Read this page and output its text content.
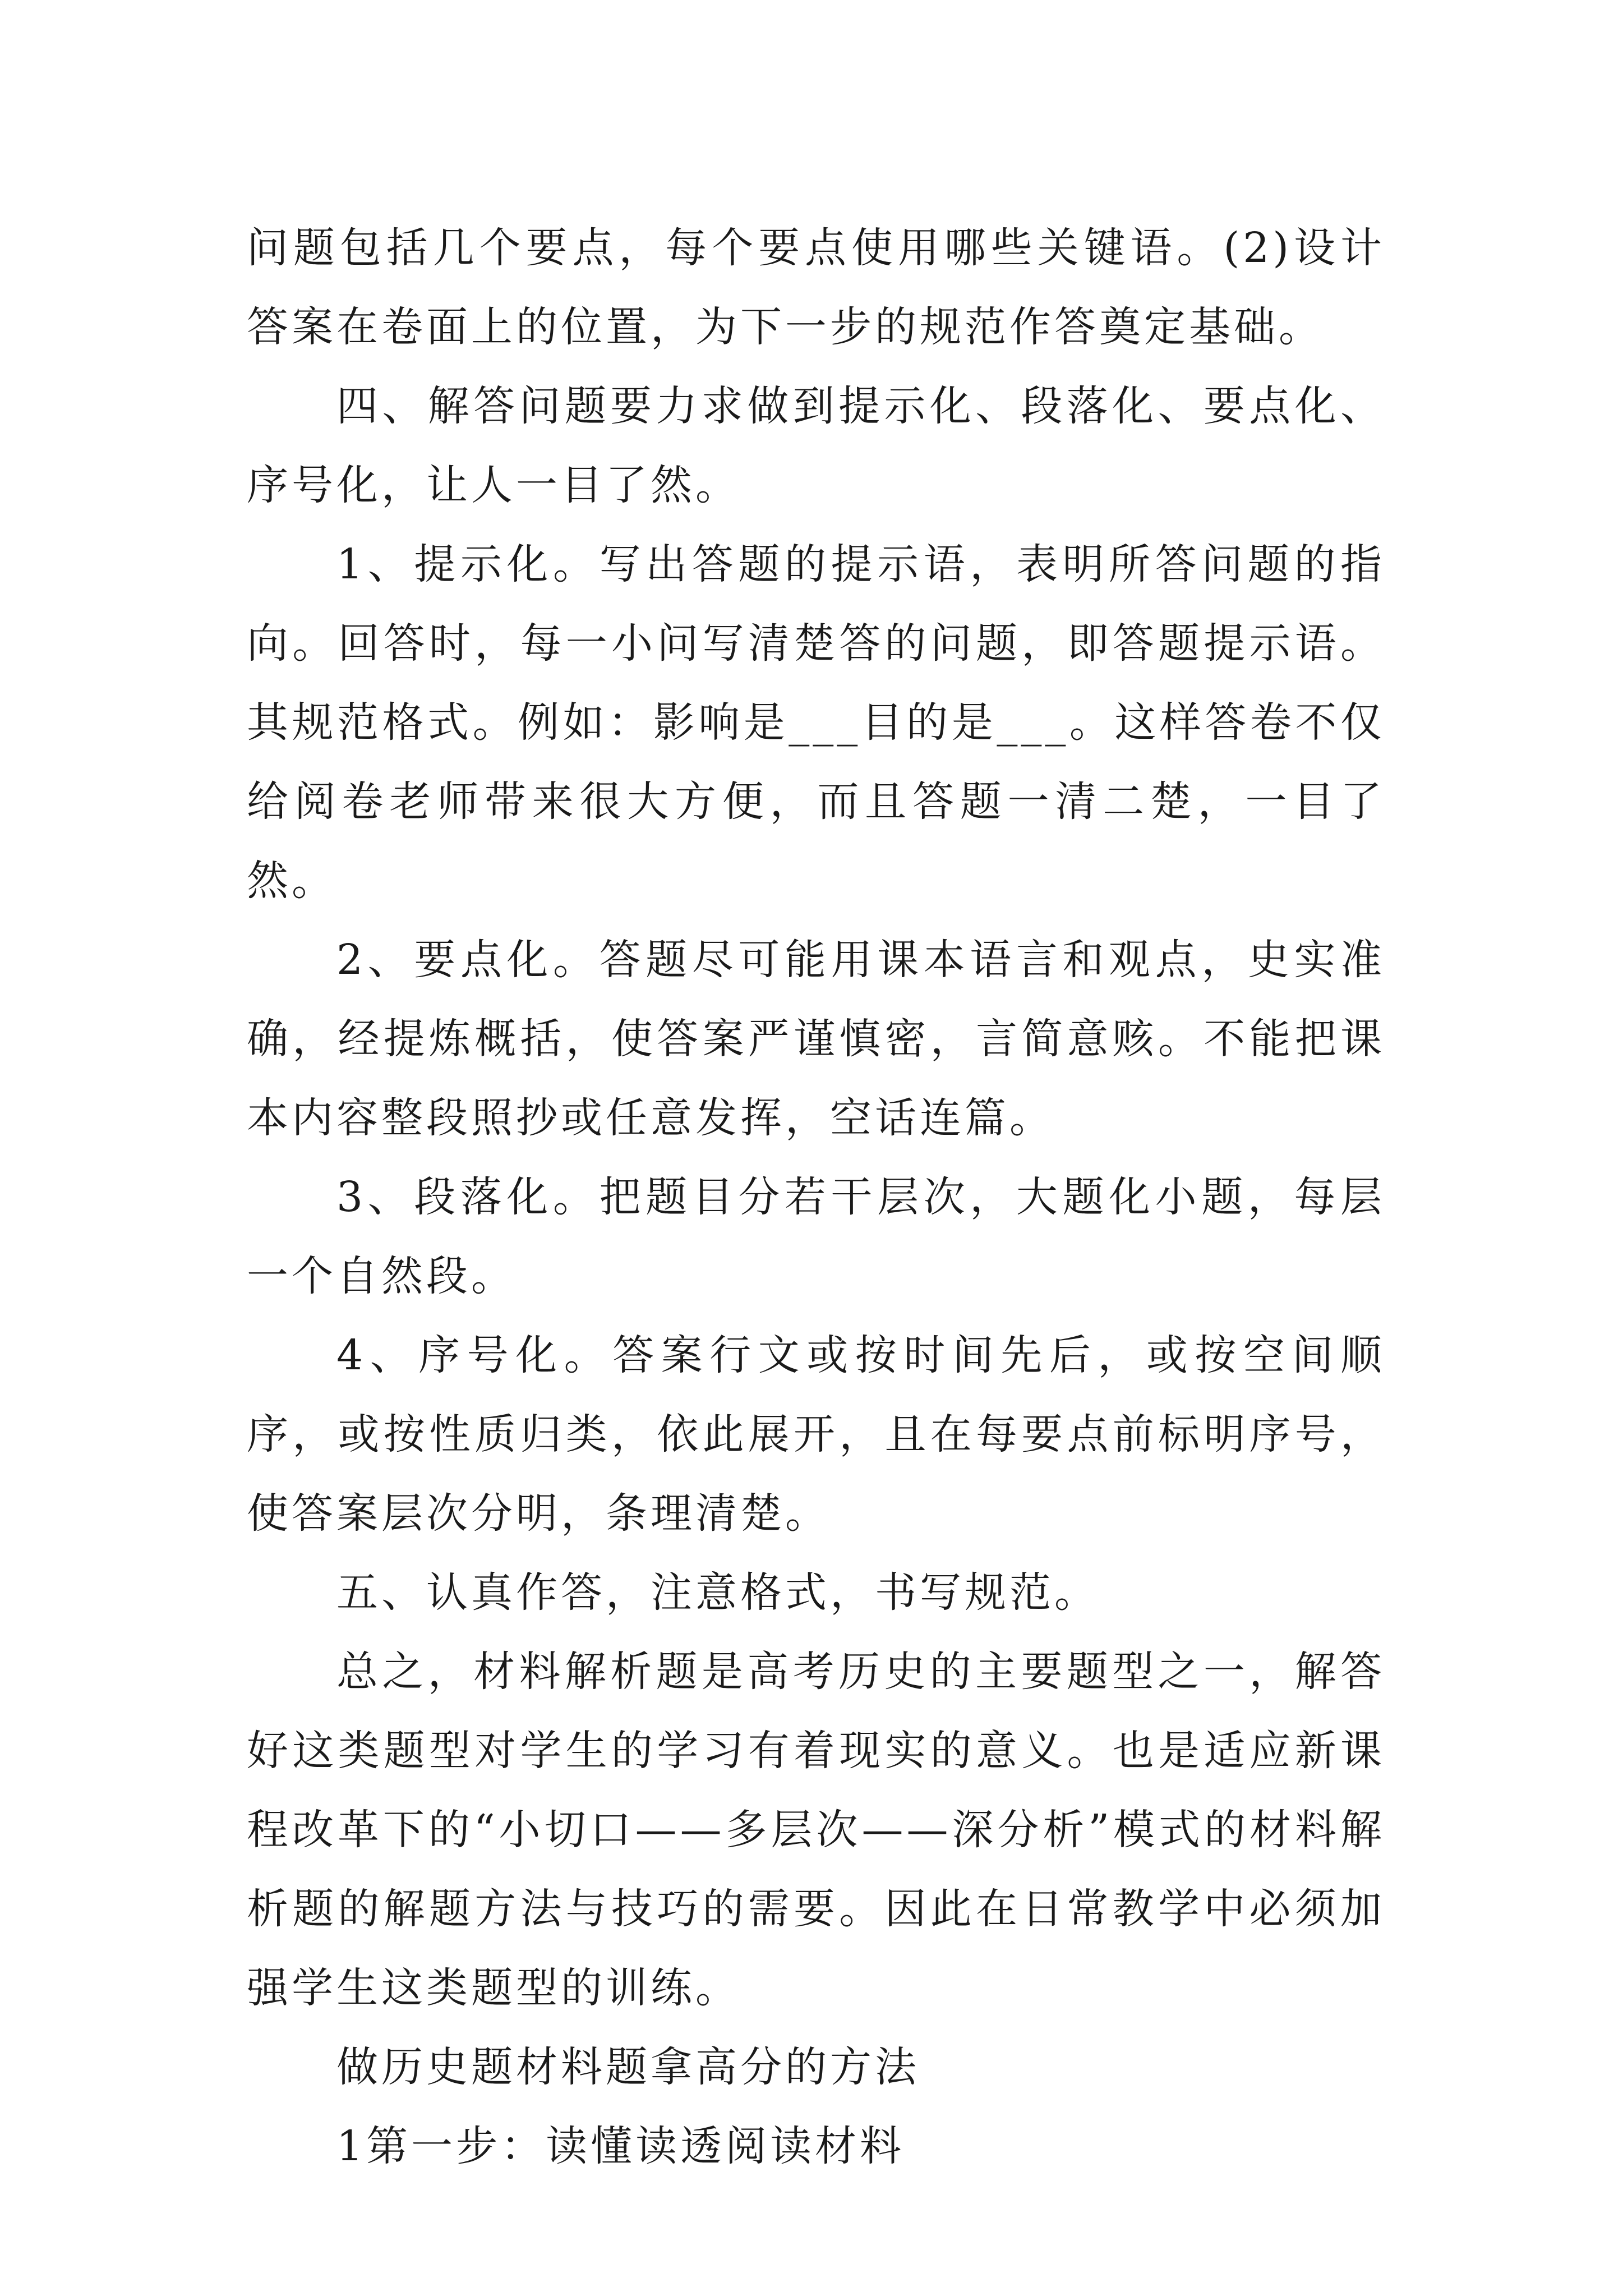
问题包括几个要点，每个要点使用哪些关键语。(2)设计答案在卷面上的位置，为下一步的规范作答奠定基础。

四、解答问题要力求做到提示化、段落化、要点化、序号化，让人一目了然。

1、提示化。写出答题的提示语，表明所答问题的指向。回答时，每一小问写清楚答的问题，即答题提示语。其规范格式。例如：影响是___目的是___。这样答卷不仅给阅卷老师带来很大方便，而且答题一清二楚，一目了然。

2、要点化。答题尽可能用课本语言和观点，史实准确，经提炼概括，使答案严谨慎密，言简意赅。不能把课本内容整段照抄或任意发挥，空话连篇。

3、段落化。把题目分若干层次，大题化小题，每层一个自然段。

4、序号化。答案行文或按时间先后，或按空间顺序，或按性质归类，依此展开，且在每要点前标明序号，使答案层次分明，条理清楚。

五、认真作答，注意格式，书写规范。

总之，材料解析题是高考历史的主要题型之一，解答好这类题型对学生的学习有着现实的意义。也是适应新课程改革下的“小切口——多层次——深分析”模式的材料解析题的解题方法与技巧的需要。因此在日常教学中必须加强学生这类题型的训练。

做历史题材料题拿高分的方法

1第一步：读懂读透阅读材料
